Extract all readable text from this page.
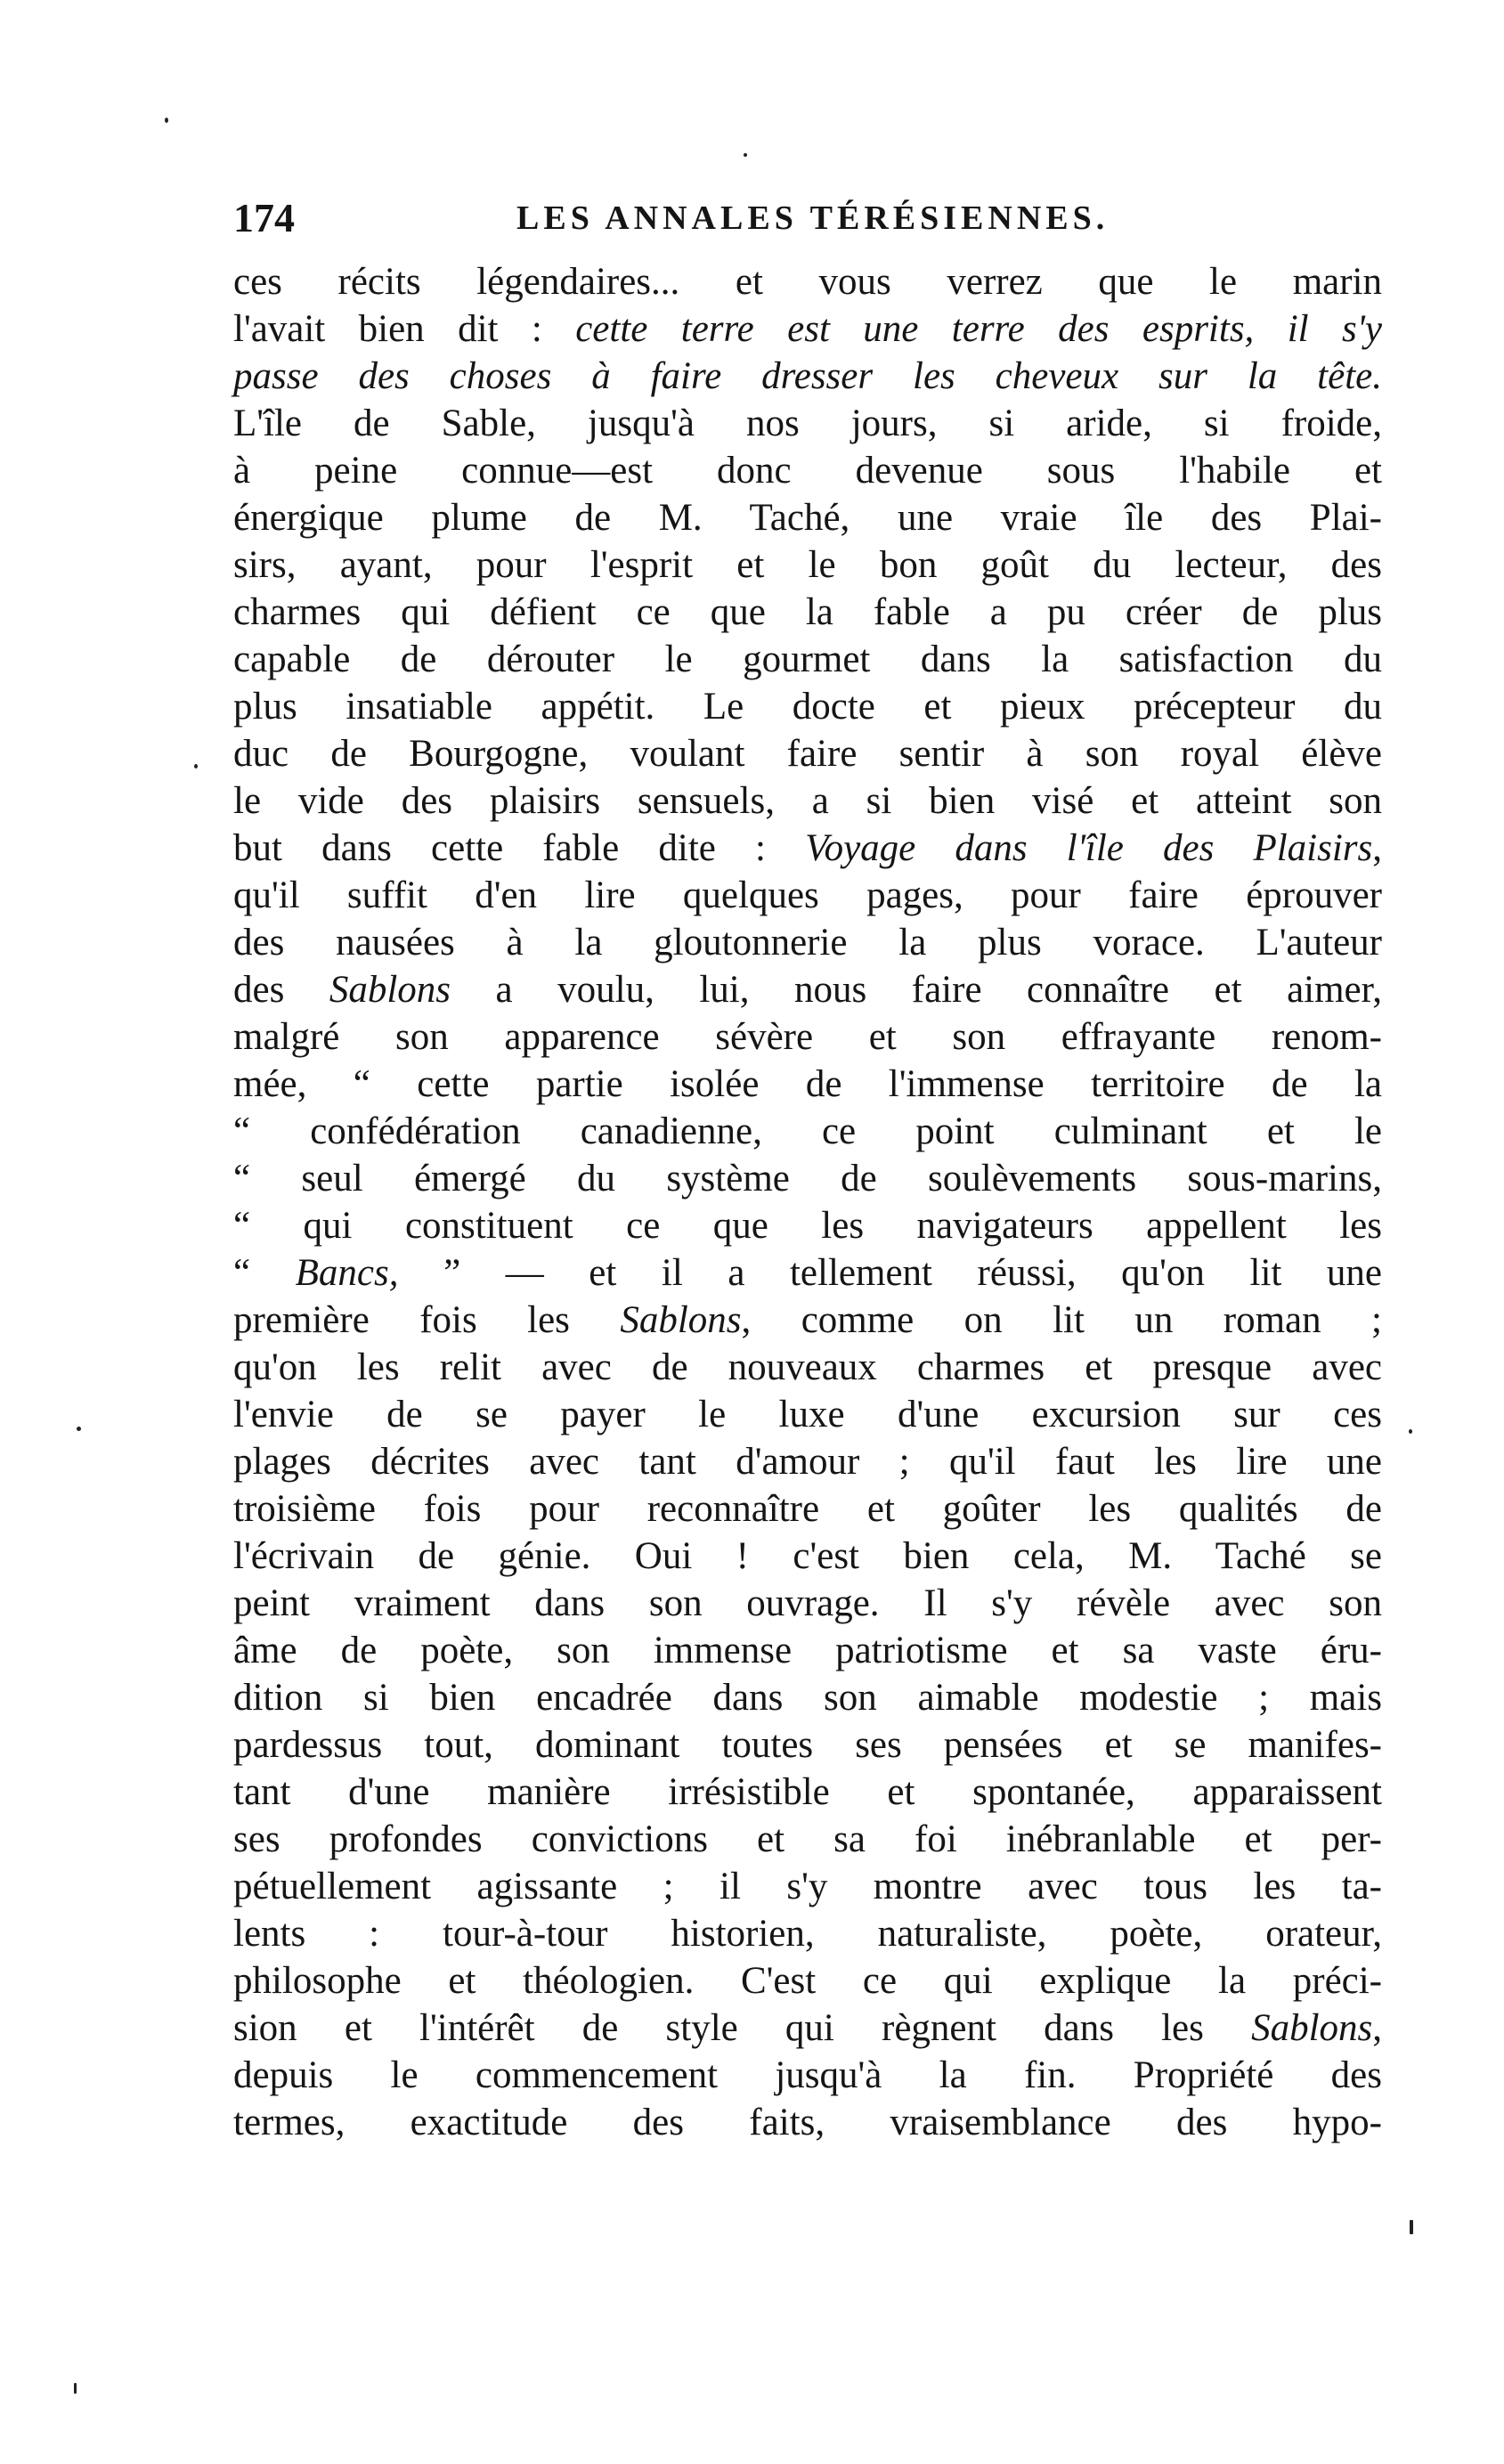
174	LES ANNALES TÉRÉSIENNES.
ces récits légendaires... et vous verrez que le marin
l'avait bien dit : cette terre est une terre des esprits, il s'y
passe des choses à faire dresser les cheveux sur la tête.
L'île de Sable, jusqu'à nos jours, si aride, si froide,
à peine connue—est donc devenue sous l'habile et
énergique plume de M. Taché, une vraie île des Plai-
sirs, ayant, pour l'esprit et le bon goût du lecteur, des
charmes qui défient ce que la fable a pu créer de plus
capable de dérouter le gourmet dans la satisfaction du
plus insatiable appétit. Le docte et pieux précepteur du
duc de Bourgogne, voulant faire sentir à son royal élève
le vide des plaisirs sensuels, a si bien visé et atteint son
but dans cette fable dite : Voyage dans l'île des Plaisirs,
qu'il suffit d'en lire quelques pages, pour faire éprouver
des nausées à la gloutonnerie la plus vorace. L'auteur
des Sablons a voulu, lui, nous faire connaître et aimer,
malgré son apparence sévère et son effrayante renom-
mée, “ cette partie isolée de l'immense territoire de la
“ confédération canadienne, ce point culminant et le
“ seul émergé du système de soulèvements sous-marins,
“ qui constituent ce que les navigateurs appellent les
“ Bancs, ” — et il a tellement réussi, qu'on lit une
première fois les Sablons, comme on lit un roman ;
qu'on les relit avec de nouveaux charmes et presque avec
l'envie de se payer le luxe d'une excursion sur ces
plages décrites avec tant d'amour ; qu'il faut les lire une
troisième fois pour reconnaître et goûter les qualités de
l'écrivain de génie. Oui ! c'est bien cela, M. Taché se
peint vraiment dans son ouvrage. Il s'y révèle avec son
âme de poète, son immense patriotisme et sa vaste éru-
dition si bien encadrée dans son aimable modestie ; mais
pardessus tout, dominant toutes ses pensées et se manifes-
tant d'une manière irrésistible et spontanée, apparaissent
ses profondes convictions et sa foi inébranlable et per-
pétuellement agissante ; il s'y montre avec tous les ta-
lents : tour-à-tour historien, naturaliste, poète, orateur,
philosophe et théologien. C'est ce qui explique la préci-
sion et l'intérêt de style qui règnent dans les Sablons,
depuis le commencement jusqu'à la fin. Propriété des
termes, exactitude des faits, vraisemblance des hypo-
